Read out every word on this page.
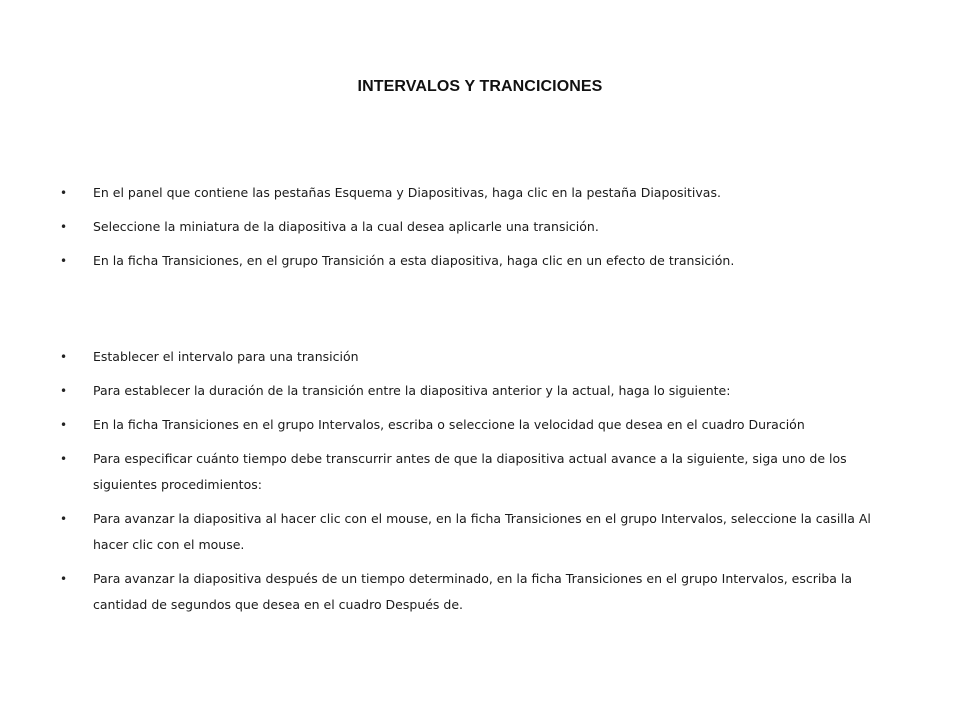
INTERVALOS Y TRANCICIONES
• En el panel que contiene las pestañas Esquema y Diapositivas, haga clic en la pestaña Diapositivas.
• Seleccione la miniatura de la diapositiva a la cual desea aplicarle una transición.
• En la ficha Transiciones, en el grupo Transición a esta diapositiva, haga clic en un efecto de transición.
• Establecer el intervalo para una transición
• Para establecer la duración de la transición entre la diapositiva anterior y la actual, haga lo siguiente:
• En la ficha Transiciones en el grupo Intervalos, escriba o seleccione la velocidad que desea en el cuadro Duración
• Para especificar cuánto tiempo debe transcurrir antes de que la diapositiva actual avance a la siguiente, siga uno de los siguientes procedimientos:
• Para avanzar la diapositiva al hacer clic con el mouse, en la ficha Transiciones en el grupo Intervalos, seleccione la casilla Al hacer clic con el mouse.
• Para avanzar la diapositiva después de un tiempo determinado, en la ficha Transiciones en el grupo Intervalos, escriba la cantidad de segundos que desea en el cuadro Después de.
